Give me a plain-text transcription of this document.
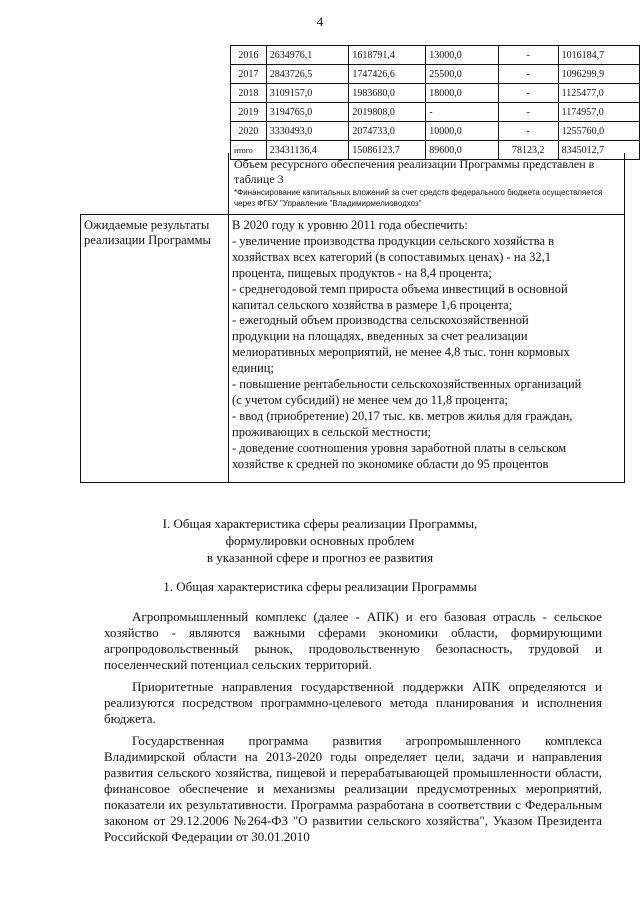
4
2016	2634976,1	1618791,4	13000,0	-	1016184,7
2017	2843726,5	1747426,6	25500,0	-	1096299,9
2018	3109157,0	1983680,0	18000,0	-	1125477,0
2019	3194765,0	2019808,0	-	-	1174957,0
2020	3330493,0	2074733,0	10000,0	-	1255760,0
итого	23431136,4	15086123,7	89600,0	78123,2	8345012,7
Объем ресурсного обеспечения реализации Программы представлен в таблице 3
*Финансирование капитальных вложений за счет средств федерального бюджета осуществляется через ФГБУ "Управление "Владимирмелиоводхоз"
Ожидаемые результаты реализации Программы
В 2020 году к уровню 2011 года обеспечить:
- увеличение производства продукции сельского хозяйства в
хозяйствах всех категорий (в сопоставимых ценах) - на 32,1
процента, пищевых продуктов - на 8,4 процента;
- среднегодовой темп прироста объема инвестиций в основной
капитал сельского хозяйства в размере 1,6 процента;
- ежегодный объем производства сельскохозяйственной
продукции на площадях, введенных за счет реализации
мелиоративных мероприятий, не менее 4,8 тыс. тонн кормовых
единиц;
- повышение рентабельности сельскохозяйственных организаций
(с учетом субсидий) не менее чем до 11,8 процента;
- ввод (приобретение) 20,17 тыс. кв. метров жилья для граждан,
проживающих в сельской местности;
- доведение соотношения уровня заработной платы в сельском
хозяйстве к средней по экономике области до 95 процентов
I. Общая характеристика сферы реализации Программы,
формулировки основных проблем
в указанной сфере и прогноз ее развития
1. Общая характеристика сферы реализации Программы

Агропромышленный комплекс (далее - АПК) и его базовая отрасль - сельское хозяйство - являются важными сферами экономики области, формирующими агропродовольственный рынок, продовольственную безопасность, трудовой и поселенческий потенциал сельских территорий.

Приоритетные направления государственной поддержки АПК определяются и реализуются посредством программно-целевого метода планирования и исполнения бюджета.

Государственная программа развития агропромышленного комплекса Владимирской области на 2013-2020 годы определяет цели, задачи и направления развития сельского хозяйства, пищевой и перерабатывающей промышленности области, финансовое обеспечение и механизмы реализации предусмотренных мероприятий, показатели их результативности. Программа разработана в соответствии с Федеральным законом от 29.12.2006 №264-ФЗ "О развитии сельского хозяйства", Указом Президента Российской Федерации от 30.01.2010
